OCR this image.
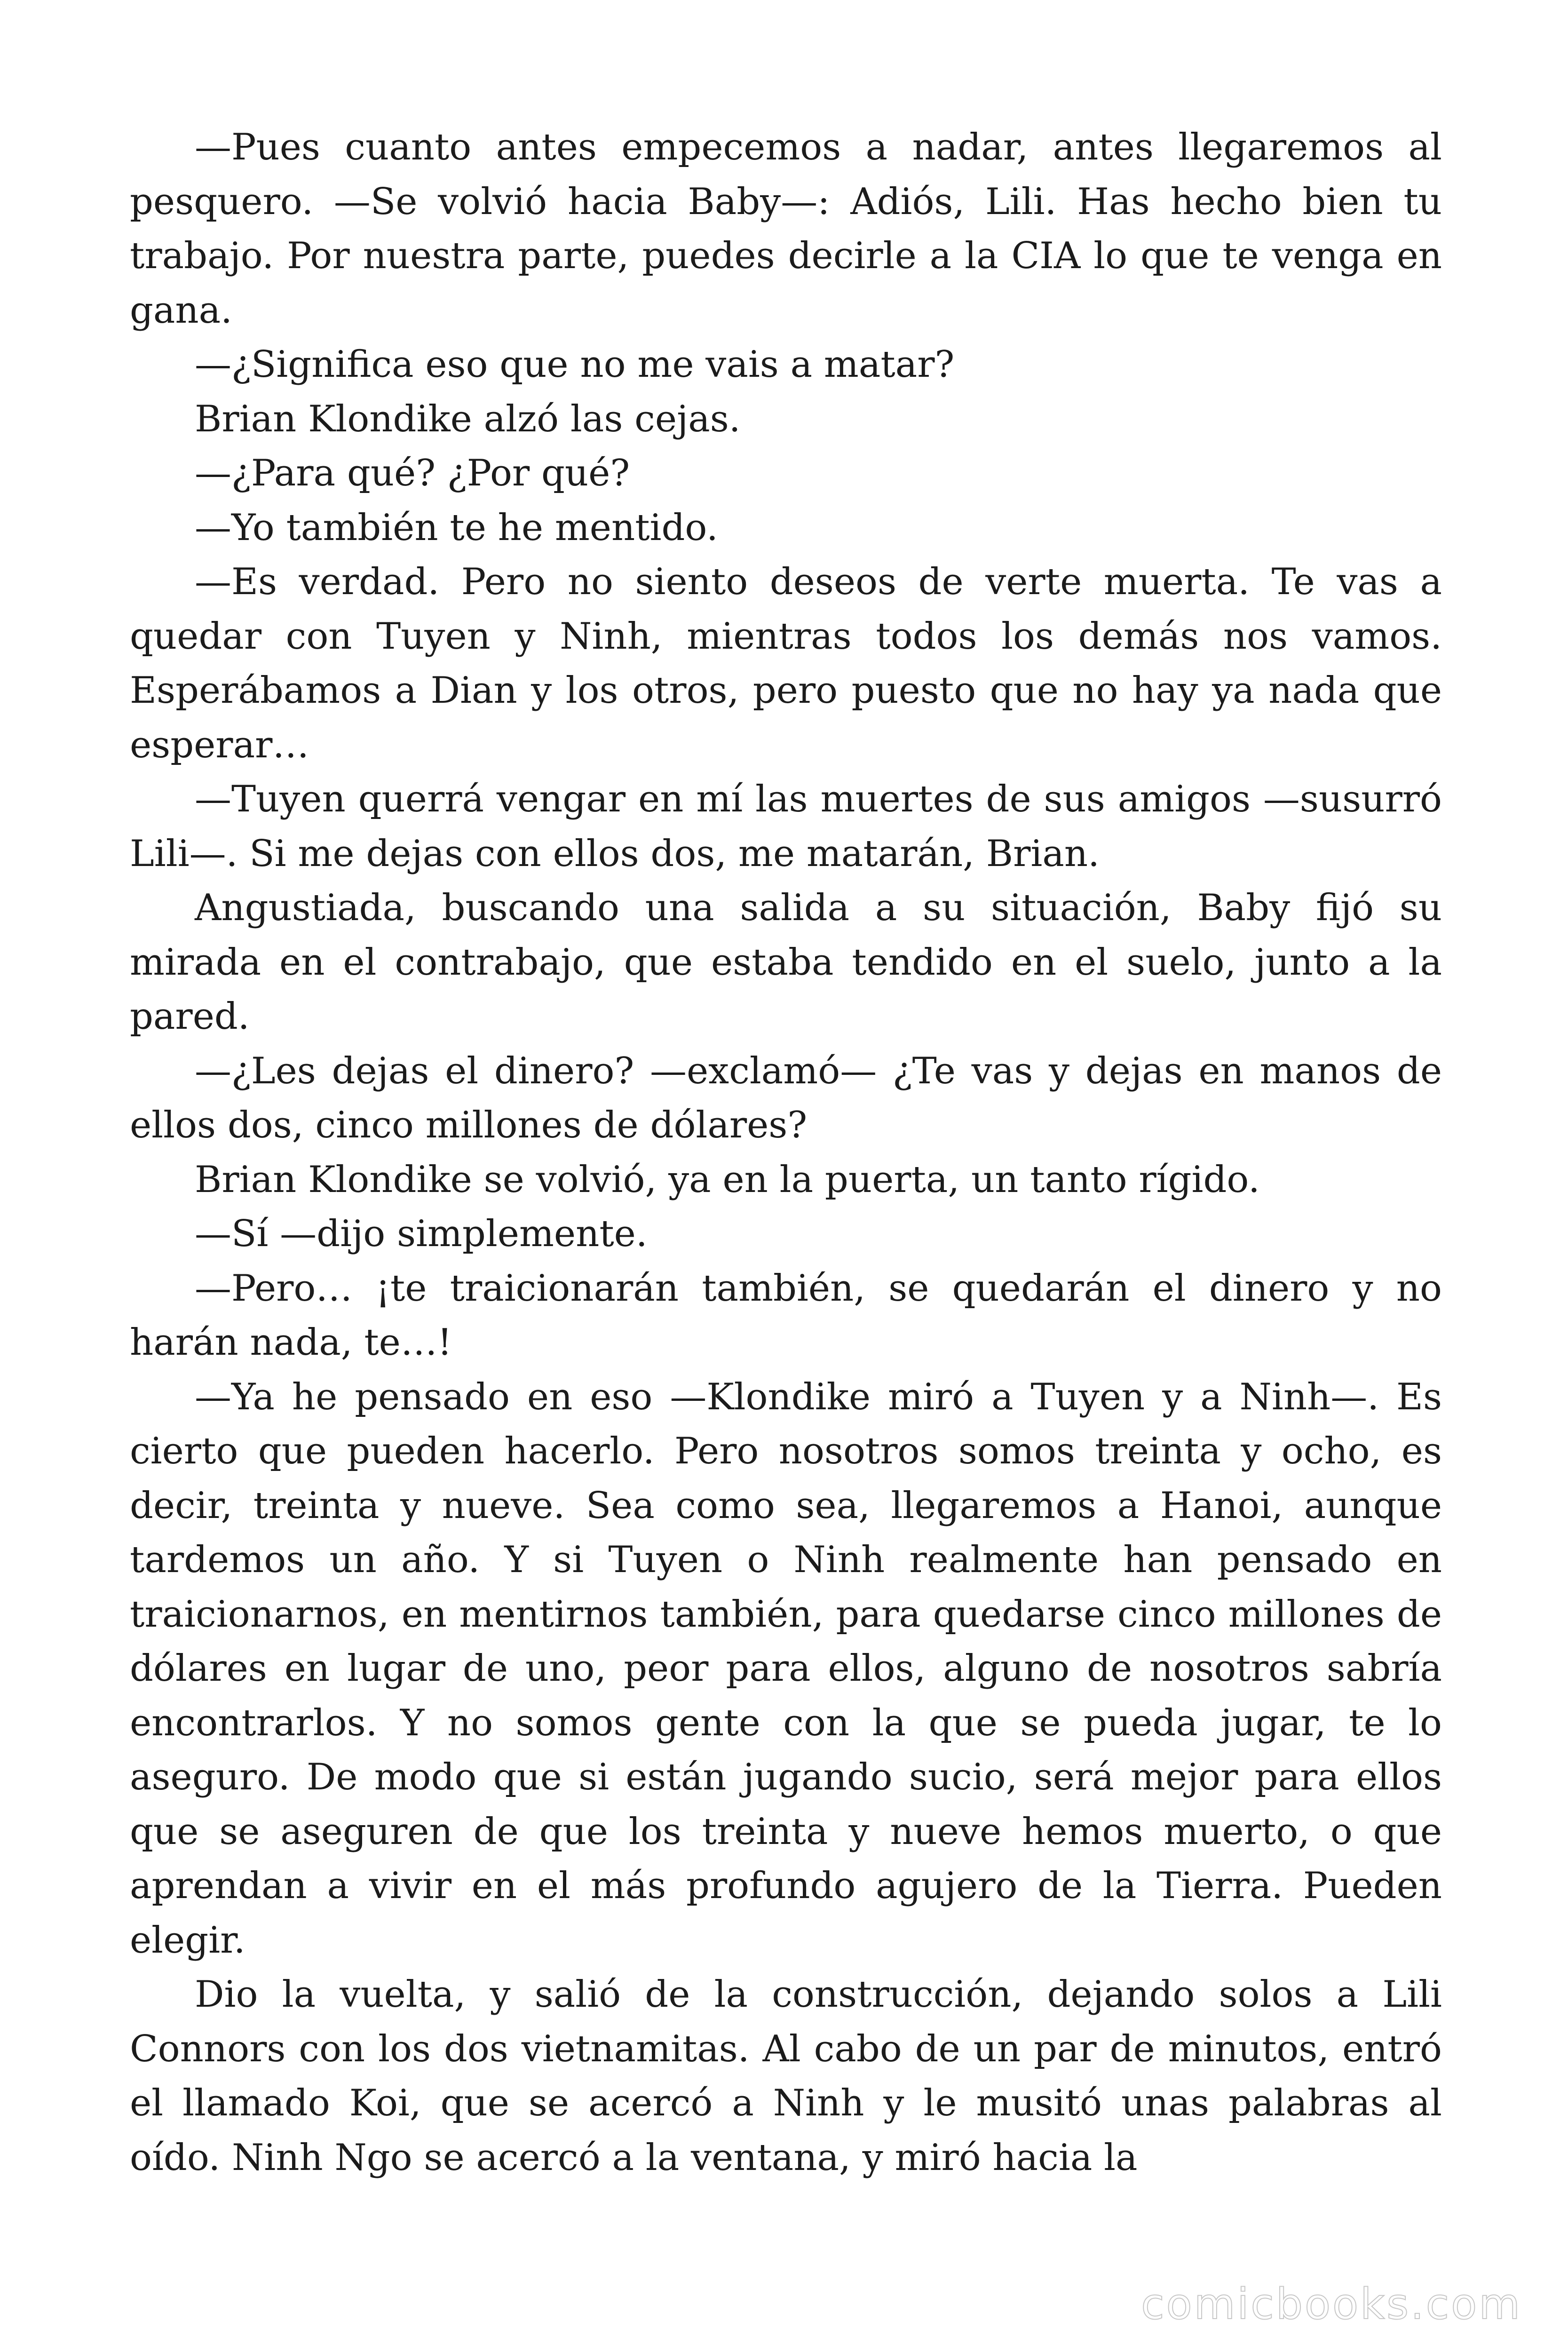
—Pues cuanto antes empecemos a nadar, antes llegaremos al pesquero. —Se volvió hacia Baby—: Adiós, Lili. Has hecho bien tu trabajo. Por nuestra parte, puedes decirle a la CIA lo que te venga en gana.

—¿Significa eso que no me vais a matar?

Brian Klondike alzó las cejas.

—¿Para qué? ¿Por qué?

—Yo también te he mentido.

—Es verdad. Pero no siento deseos de verte muerta. Te vas a quedar con Tuyen y Ninh, mientras todos los demás nos vamos. Esperábamos a Dian y los otros, pero puesto que no hay ya nada que esperar…

—Tuyen querrá vengar en mí las muertes de sus amigos —susurró Lili—. Si me dejas con ellos dos, me matarán, Brian.

Angustiada, buscando una salida a su situación, Baby fijó su mirada en el contrabajo, que estaba tendido en el suelo, junto a la pared.

—¿Les dejas el dinero? —exclamó— ¿Te vas y dejas en manos de ellos dos, cinco millones de dólares?

Brian Klondike se volvió, ya en la puerta, un tanto rígido.

—Sí —dijo simplemente.

—Pero… ¡te traicionarán también, se quedarán el dinero y no harán nada, te…!

—Ya he pensado en eso —Klondike miró a Tuyen y a Ninh—. Es cierto que pueden hacerlo. Pero nosotros somos treinta y ocho, es decir, treinta y nueve. Sea como sea, llegaremos a Hanoi, aunque tardemos un año. Y si Tuyen o Ninh realmente han pensado en traicionarnos, en mentirnos también, para quedarse cinco millones de dólares en lugar de uno, peor para ellos, alguno de nosotros sabría encontrarlos. Y no somos gente con la que se pueda jugar, te lo aseguro. De modo que si están jugando sucio, será mejor para ellos que se aseguren de que los treinta y nueve hemos muerto, o que aprendan a vivir en el más profundo agujero de la Tierra. Pueden elegir.

Dio la vuelta, y salió de la construcción, dejando solos a Lili Connors con los dos vietnamitas. Al cabo de un par de minutos, entró el llamado Koi, que se acercó a Ninh y le musitó unas palabras al oído. Ninh Ngo se acercó a la ventana, y miró hacia la

comicbooks.com
